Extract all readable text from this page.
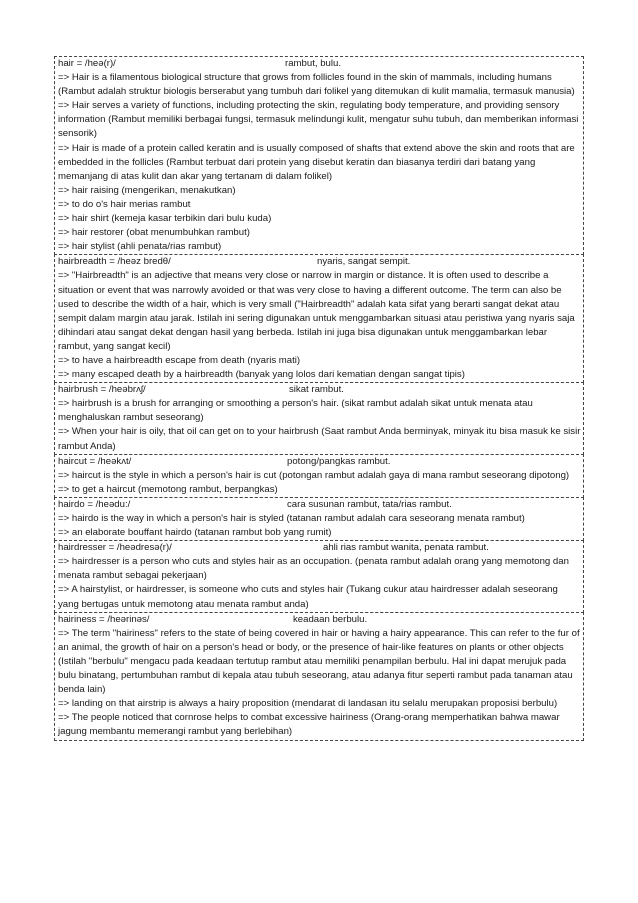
hair = /heə(r)/	rambut, bulu.
=> Hair is a filamentous biological structure that grows from follicles found in the skin of mammals, including humans (Rambut adalah struktur biologis berserabut yang tumbuh dari folikel yang ditemukan di kulit mamalia, termasuk manusia)
=> Hair serves a variety of functions, including protecting the skin, regulating body temperature, and providing sensory information (Rambut memiliki berbagai fungsi, termasuk melindungi kulit, mengatur suhu tubuh, dan memberikan informasi sensorik)
=> Hair is made of a protein called keratin and is usually composed of shafts that extend above the skin and roots that are embedded in the follicles (Rambut terbuat dari protein yang disebut keratin dan biasanya terdiri dari batang yang memanjang di atas kulit dan akar yang tertanam di dalam folikel)
=> hair raising (mengerikan, menakutkan)
=> to do o's hair merias rambut
=> hair shirt (kemeja kasar terbikin dari bulu kuda)
=> hair restorer (obat menumbuhkan rambut)
=> hair stylist (ahli penata/rias rambut)
hairbreadth = /heəz bredθ/	nyaris, sangat sempit.
=> "Hairbreadth" is an adjective that means very close or narrow in margin or distance. It is often used to describe a situation or event that was narrowly avoided or that was very close to having a different outcome. The term can also be used to describe the width of a hair, which is very small ("Hairbreadth" adalah kata sifat yang berarti sangat dekat atau sempit dalam margin atau jarak. Istilah ini sering digunakan untuk menggambarkan situasi atau peristiwa yang nyaris saja dihindari atau sangat dekat dengan hasil yang berbeda. Istilah ini juga bisa digunakan untuk menggambarkan lebar rambut, yang sangat kecil)
=> to have a hairbreadth escape from death (nyaris mati)
=> many escaped death by a hairbreadth (banyak yang lolos dari kematian dengan sangat tipis)
hairbrush = /heəbrʌʃ/	sikat rambut.
=> hairbrush is a brush for arranging or smoothing a person's hair. (sikat rambut adalah sikat untuk menata atau menghaluskan rambut seseorang)
=> When your hair is oily, that oil can get on to your hairbrush (Saat rambut Anda berminyak, minyak itu bisa masuk ke sisir rambut Anda)
haircut = /heəkʌt/	potong/pangkas rambut.
=> haircut is the style in which a person's hair is cut (potongan rambut adalah gaya di mana rambut seseorang dipotong)
=> to get a haircut (memotong rambut, berpangkas)
hairdo = /heədu:/	cara susunan rambut, tata/rias rambut.
=> hairdo is the way in which a person's hair is styled (tatanan rambut adalah cara seseorang menata rambut)
=> an elaborate bouffant hairdo (tatanan rambut bob yang rumit)
hairdresser = /heədresə(r)/	ahli rias rambut wanita, penata rambut.
=> hairdresser is a person who cuts and styles hair as an occupation. (penata rambut adalah orang yang memotong dan menata rambut sebagai pekerjaan)
=> A hairstylist, or hairdresser, is someone who cuts and styles hair (Tukang cukur atau hairdresser adalah seseorang yang bertugas untuk memotong atau menata rambut anda)
hairiness = /heərinəs/	keadaan berbulu.
=> The term "hairiness" refers to the state of being covered in hair or having a hairy appearance. This can refer to the fur of an animal, the growth of hair on a person's head or body, or the presence of hair-like features on plants or other objects (Istilah "berbulu" mengacu pada keadaan tertutup rambut atau memiliki penampilan berbulu. Hal ini dapat merujuk pada bulu binatang, pertumbuhan rambut di kepala atau tubuh seseorang, atau adanya fitur seperti rambut pada tanaman atau benda lain)
=> landing on that airstrip is always a hairy proposition (mendarat di landasan itu selalu merupakan proposisi berbulu)
=> The people noticed that cornrose helps to combat excessive hairiness (Orang-orang memperhatikan bahwa mawar jagung membantu memerangi rambut yang berlebihan)
